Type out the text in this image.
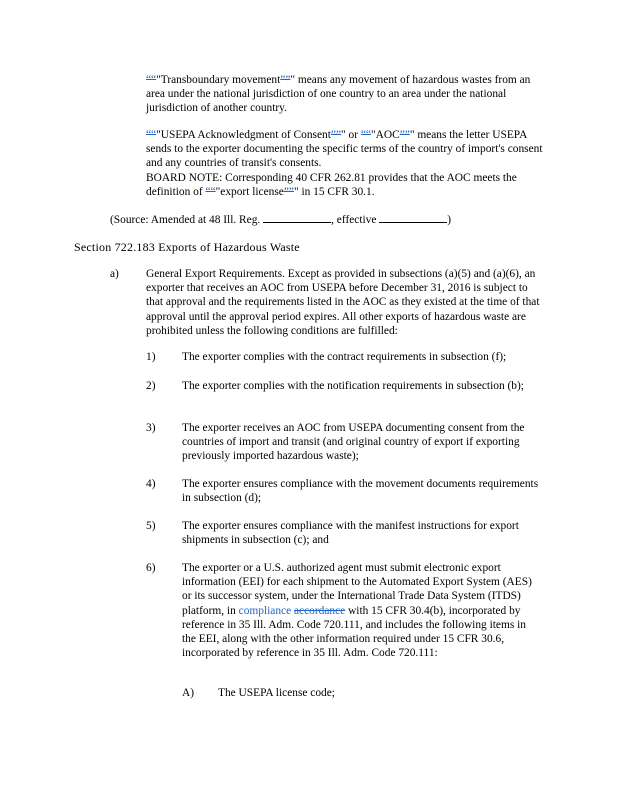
““"Transboundary movement””" means any movement of hazardous wastes from an area under the national jurisdiction of one country to an area under the national jurisdiction of another country.
““"USEPA Acknowledgment of Consent””" or ““"AOC””" means the letter USEPA sends to the exporter documenting the specific terms of the country of import's consent and any countries of transit's consents.
BOARD NOTE: Corresponding 40 CFR 262.81 provides that the AOC meets the definition of ““"export license””" in 15 CFR 30.1.
(Source: Amended at 48 Ill. Reg.	, effective	)
Section 722.183 Exports of Hazardous Waste
a) General Export Requirements. Except as provided in subsections (a)(5) and (a)(6), an exporter that receives an AOC from USEPA before December 31, 2016 is subject to that approval and the requirements listed in the AOC as they existed at the time of that approval until the approval period expires. All other exports of hazardous waste are prohibited unless the following conditions are fulfilled:
1) The exporter complies with the contract requirements in subsection (f);
2) The exporter complies with the notification requirements in subsection (b);
3) The exporter receives an AOC from USEPA documenting consent from the countries of import and transit (and original country of export if exporting previously imported hazardous waste);
4) The exporter ensures compliance with the movement documents requirements in subsection (d);
5) The exporter ensures compliance with the manifest instructions for export shipments in subsection (c); and
6) The exporter or a U.S. authorized agent must submit electronic export information (EEI) for each shipment to the Automated Export System (AES) or its successor system, under the International Trade Data System (ITDS) platform, in compliance accordance with 15 CFR 30.4(b), incorporated by reference in 35 Ill. Adm. Code 720.111, and includes the following items in the EEI, along with the other information required under 15 CFR 30.6, incorporated by reference in 35 Ill. Adm. Code 720.111:
A) The USEPA license code;
